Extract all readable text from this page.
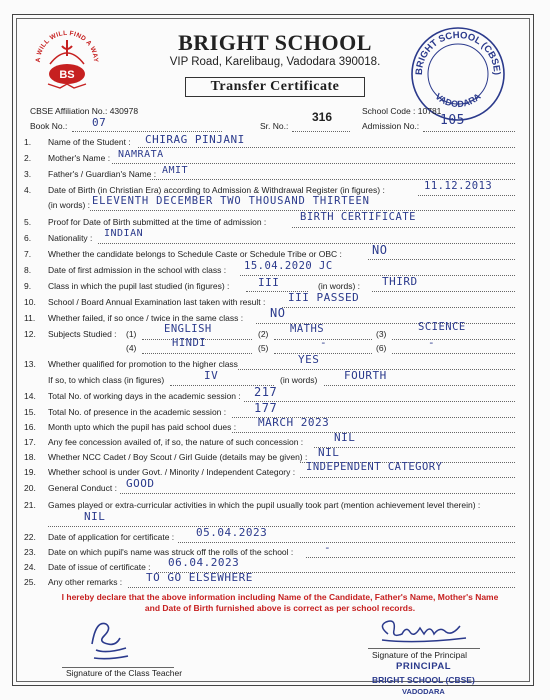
A WILL WILL FIND A WAY
BS
BRIGHT SCHOOL
VIP Road, Karelibaug, Vadodara 390018.
Transfer Certificate
BRIGHT SCHOOL (CBSE)
VADODARA
CBSE Affiliation No.: 430978	School Code : 10781
Book No.: 07	Sr. No.:
316
Admission No.: 105
1.	Name of the Student : CHIRAG PINJANI
2.	Mother's Name : NAMRATA
3.	Father's / Guardian's Name : AMIT
4.	Date of Birth (in Christian Era) according to Admission & Withdrawal Register (in figures) :	11.12.2013
(in words) : ELEVENTH DECEMBER TWO THOUSAND THIRTEEN
5.	Proof for Date of Birth submitted at the time of admission :	BIRTH CERTIFICATE
6.	Nationality : INDIAN
7.	Whether the candidate belongs to Schedule Caste or Schedule Tribe or OBC :	NO
8.	Date of first admission in the school with class : 15.04.2020 JC
9.	Class in which the pupil last studied (in figures) :	III	(in words) : THIRD
10.	School / Board Annual Examination last taken with result : III PASSED
11.	Whether failed, if so once / twice in the same class : NO
12.	Subjects Studied : (1)	ENGLISH	(2) MATHS	(3)
SCIENCE
(4)	HINDI	(5)	-	(6)	-
13.	Whether qualified for promotion to the higher class	YES
If so, to which class (in figures)	IV	(in words) FOURTH
14.	Total No. of working days in the academic session : 217
15.	Total No. of presence in the academic session : 177
16.	Month upto which the pupil has paid school dues : MARCH 2023
17.	Any fee concession availed of, if so, the nature of such concession :	NIL
18.	Whether NCC Cadet / Boy Scout / Girl Guide (details may be given) : NIL
19.	Whether school is under Govt. / Minority / Independent Category : INDEPENDENT CATEGORY
20.	General Conduct : GOOD
21.	Games played or extra-curricular activities in which the pupil usually took part (mention achievement level therein) :
NIL
22.	Date of application for certificate : 05.04.2023
23.	Date on which pupil's name was struck off the rolls of the school :	-
24.	Date of issue of certificate : 06.04.2023
25.	Any other remarks : TO GO ELSEWHERE
I hereby declare that the above information including Name of the Candidate, Father's Name, Mother's Name and Date of Birth furnished above is correct as per school records.
Signature of the Class Teacher
Signature of the Principal
PRINCIPAL
BRIGHT SCHOOL (CBSE)
VADODARA
